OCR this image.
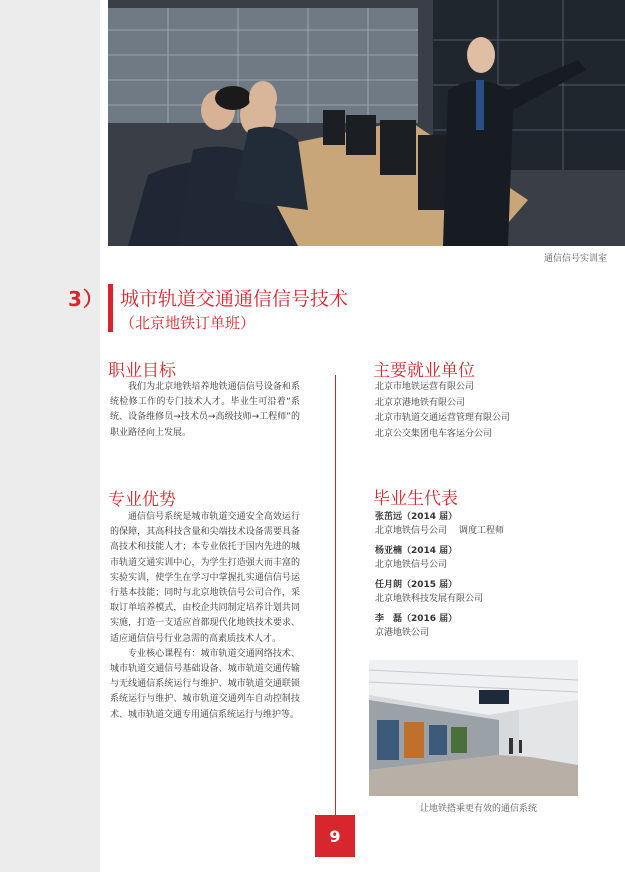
通信信号实训室
3） 城市轨道交通通信信号技术
（北京地铁订单班）
职业目标
我们为北京地铁培养地铁通信信号设备和系统检修工作的专门技术人才。毕业生可沿着“系统、设备维修员→技术员→高级技师→工程师”的职业路径向上发展。
专业优势
通信信号系统是城市轨道交通安全高效运行的保障，其高科技含量和尖端技术设备需要具备高技术和技能人才；本专业依托于国内先进的城市轨道交通实训中心，为学生打造强大而丰富的实验实训，使学生在学习中掌握扎实通信信号运行基本技能；同时与北京地铁信号公司合作，采取订单培养模式，由校企共同制定培养计划共同实施，打造一支适应首都现代化地铁技术要求、适应通信信号行业急需的高素质技术人才。
专业核心课程有：城市轨道交通网络技术、城市轨道交通信号基础设备、城市轨道交通传输与无线通信系统运行与维护、城市轨道交通联锁系统运行与维护、城市轨道交通列车自动控制技术、城市轨道交通专用通信系统运行与维护等。
主要就业单位
北京市地铁运营有限公司
北京京港地铁有限公司
北京市轨道交通运营管理有限公司
北京公交集团电车客运分公司
毕业生代表
张茁远（2014 届）
北京地铁信号公司 调度工程师
杨亚楠（2014 届）
北京地铁信号公司
任月朗（2015 届）
北京地铁科技发展有限公司
李　磊（2016 届）
京港地铁公司
让地铁搭乘更有效的通信系统
9
